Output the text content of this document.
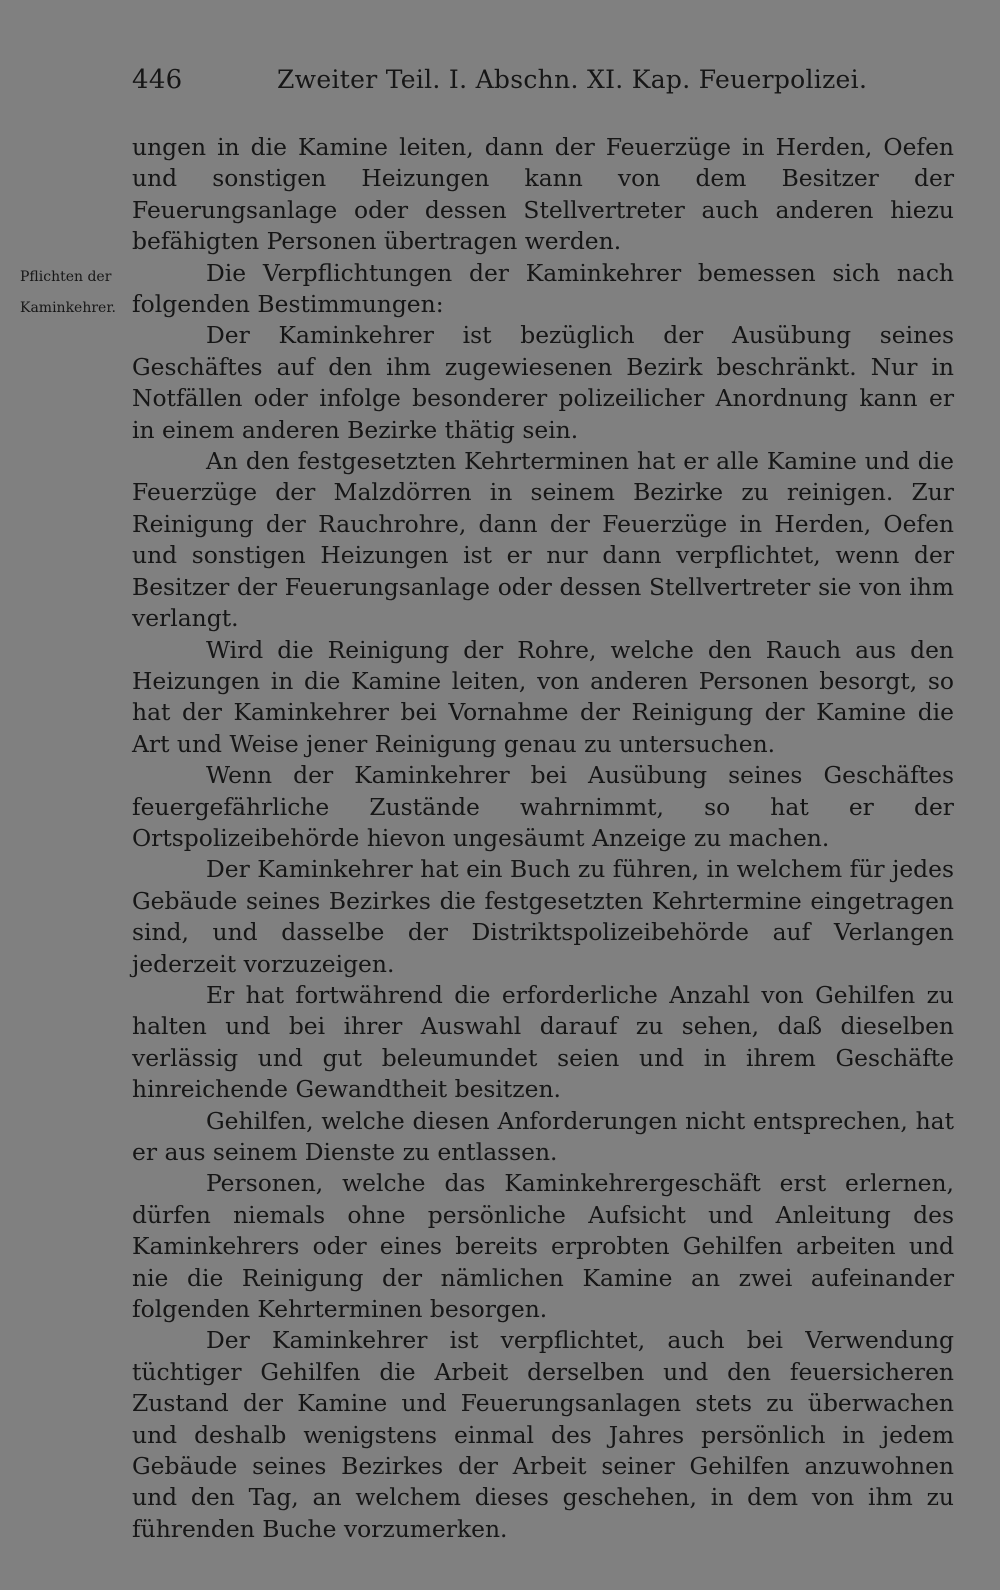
446	Zweiter Teil. I. Abschn. XI. Kap. Feuerpolizei.
Pflichten der
Kaminkehrer.

ungen in die Kamine leiten, dann der Feuerzüge in Herden, Oefen und sonstigen Heizungen kann von dem Besitzer der Feuerungsanlage oder dessen Stellvertreter auch anderen hiezu befähigten Personen übertragen werden.

Die Verpflichtungen der Kaminkehrer bemessen sich nach folgenden Bestimmungen:

Der Kaminkehrer ist bezüglich der Ausübung seines Geschäftes auf den ihm zugewiesenen Bezirk beschränkt. Nur in Notfällen oder infolge besonderer polizeilicher Anordnung kann er in einem anderen Bezirke thätig sein.

An den festgesetzten Kehrterminen hat er alle Kamine und die Feuerzüge der Malzdörren in seinem Bezirke zu reinigen. Zur Reinigung der Rauchrohre, dann der Feuerzüge in Herden, Oefen und sonstigen Heizungen ist er nur dann verpflichtet, wenn der Besitzer der Feuerungsanlage oder dessen Stellvertreter sie von ihm verlangt.

Wird die Reinigung der Rohre, welche den Rauch aus den Heizungen in die Kamine leiten, von anderen Personen besorgt, so hat der Kaminkehrer bei Vornahme der Reinigung der Kamine die Art und Weise jener Reinigung genau zu untersuchen.

Wenn der Kaminkehrer bei Ausübung seines Geschäftes feuergefährliche Zustände wahrnimmt, so hat er der Ortspolizeibehörde hievon ungesäumt Anzeige zu machen.

Der Kaminkehrer hat ein Buch zu führen, in welchem für jedes Gebäude seines Bezirkes die festgesetzten Kehrtermine eingetragen sind, und dasselbe der Distriktspolizeibehörde auf Verlangen jederzeit vorzuzeigen.

Er hat fortwährend die erforderliche Anzahl von Gehilfen zu halten und bei ihrer Auswahl darauf zu sehen, daß dieselben verlässig und gut beleumundet seien und in ihrem Geschäfte hinreichende Gewandtheit besitzen.

Gehilfen, welche diesen Anforderungen nicht entsprechen, hat er aus seinem Dienste zu entlassen.

Personen, welche das Kaminkehrergeschäft erst erlernen, dürfen niemals ohne persönliche Aufsicht und Anleitung des Kaminkehrers oder eines bereits erprobten Gehilfen arbeiten und nie die Reinigung der nämlichen Kamine an zwei aufeinander folgenden Kehrterminen besorgen.

Der Kaminkehrer ist verpflichtet, auch bei Verwendung tüchtiger Gehilfen die Arbeit derselben und den feuersicheren Zustand der Kamine und Feuerungsanlagen stets zu überwachen und deshalb wenigstens einmal des Jahres persönlich in jedem Gebäude seines Bezirkes der Arbeit seiner Gehilfen anzuwohnen und den Tag, an welchem dieses geschehen, in dem von ihm zu führenden Buche vorzumerken.
